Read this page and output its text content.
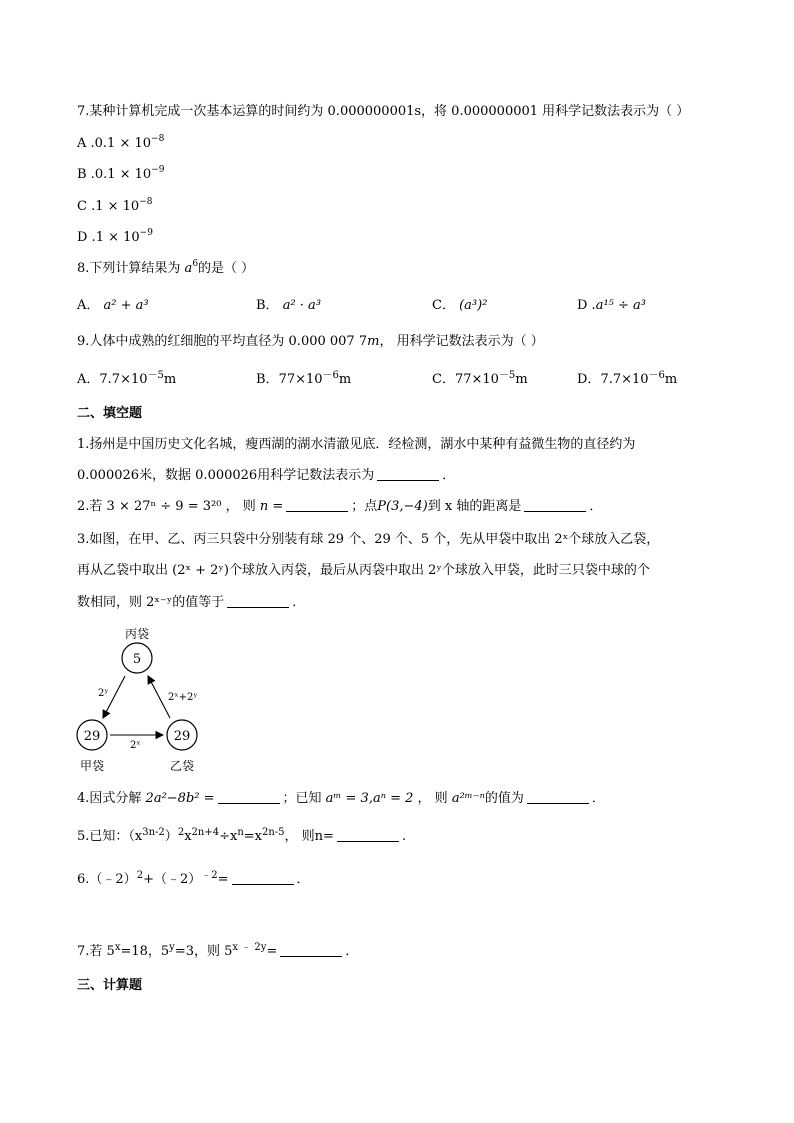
7.某种计算机完成一次基本运算的时间约为 0.000000001s，将 0.000000001 用科学记数法表示为（ ）
A $.0.1 \times 10^{-8}$
B $.0.1 \times 10^{-9}$
C $.1 \times 10^{-8}$
D $.1 \times 10^{-9}$
8.下列计算结果为 $a^6$的是（ ）
A． a² + a³	B． a² · a³	C． (a³)²	D .a¹⁵ ÷ a³
9.人体中成熟的红细胞的平均直径为 0.000 007 7m， 用科学记数法表示为（ ）
A．$7.7\times 10^{-5}m$	B．$77\times 10^{-6}m$	C．$77\times 10^{-5}m$	D．$7.7\times 10^{-6}m$
二、填空题
1.扬州是中国历史文化名城，瘦西湖的湖水清澈见底．经检测，湖水中某种有益微生物的直径约为
0.000026米，数据 0.000026用科学记数法表示为	．
2.若 3 × 27ⁿ ÷ 9 = 3²⁰ ， 则 n =	；点P(3,−4)到 x 轴的距离是	．
3.如图，在甲、乙、丙三只袋中分别装有球 29 个、29 个、5 个，先从甲袋中取出 2ˣ个球放入乙袋，
再从乙袋中取出 (2ˣ + 2ʸ)个球放入丙袋，最后从丙袋中取出 2ʸ个球放入甲袋，此时三只袋中球的个
数相同，则 2ˣ⁻ʸ的值等于	．
丙袋
5
29
甲袋
29
乙袋
2ʸ	2ˣ+2ʸ
2ˣ
4.因式分解 2a²−8b² =	；已知 aᵐ = 3,aⁿ = 2 ， 则 a²ᵐ⁻ⁿ的值为	．
5.已知：$(x^{3n-2})^2x^{2n+4}\div x^n=x^{2n-5}$， 则n=	.
6.（﹣2）$^2$+（﹣2）$^{﹣2}$=	．
7.若 $5^x=18$，$5^y=3$，则 $5^{x ﹣ 2y}=$	．
三、计算题
